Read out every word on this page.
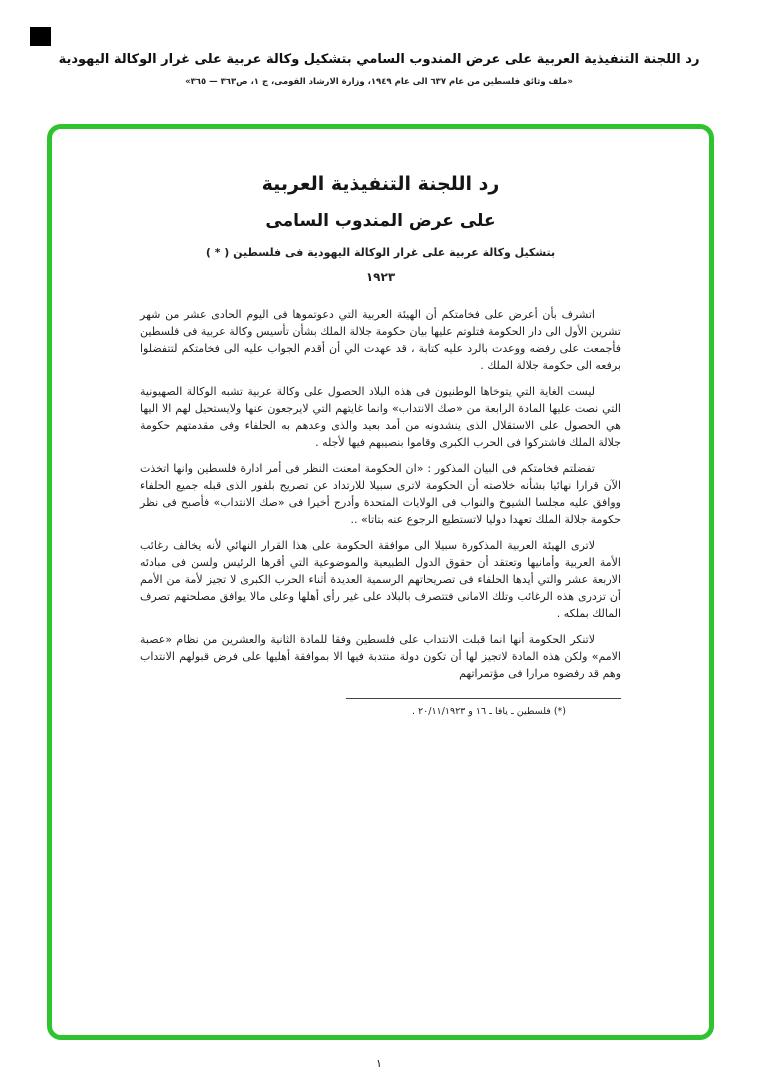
رد اللجنة التنفيذية العربية على عرض المندوب السامي بتشكيل وكالة عربية على غرار الوكالة اليهودية
«ملف وثائق فلسطين من عام ٦٣٧ الى عام ١٩٤٩، وزارة الارشاد القومى، ج ١، ص٣٦٣ — ٣٦٥»
رد اللجنة التنفيذية العربية
على عرض المندوب السامى
بتشكيل وكالة عربية على غرار الوكالة اليهودية فى فلسطين ( * )
١٩٢٣

اتشرف بأن أعرض على فخامتكم أن الهيئة العربية التي دعوتموها فى اليوم الحادى عشر من شهر تشرين الأول الى دار الحكومة فتلوتم عليها بيان حكومة جلالة الملك بشأن تأسيس وكالة عربية فى فلسطين فأجمعت على رفضه ووعدت بالرد عليه كتابة ، قد عهدت الي أن أقدم الجواب عليه الى فخامتكم لتتفضلوا برفعه الى حكومة جلالة الملك .

ليست الغاية التي يتوخاها الوطنيون فى هذه البلاد الحصول على وكالة عربية تشبه الوكالة الصهيونية التي نصت عليها المادة الرابعة من «صك الانتداب» وانما غايتهم التي لايرجعون عنها ولايستحيل لهم الا اليها هي الحصول على الاستقلال الذى ينشدونه من أمد بعيد والذى وعدهم به الحلفاء وفى مقدمتهم حكومة جلالة الملك فاشتركوا فى الحرب الكبرى وقاموا بنصيبهم فيها لأجله .

تفضلتم فخامتكم فى البيان المذكور : «ان الحكومة امعنت النظر فى أمر ادارة فلسطين وانها اتخذت الآن قرارا نهائيا بشأنه خلاصته أن الحكومة لاترى سبيلا للارتداد عن تصريح بلفور الذى قبله جميع الحلفاء ووافق عليه مجلسا الشيوخ والنواب فى الولايات المتحدة وأدرج أخيرا فى «صك الانتداب» فأصبح فى نظر حكومة جلالة الملك تعهدا دوليا لاتستطيع الرجوع عنه بتاتا» ..

لاترى الهيئة العربية المذكورة سبيلا الى موافقة الحكومة على هذا القرار النهائي لأنه يخالف رغائب الأمة العربية وأمانيها وتعتقد أن حقوق الدول الطبيعية والموضوعية التي أقرها الرئيس ولسن فى مبادئه الاربعة عشر والتي أيدها الحلفاء فى تصريحاتهم الرسمية العديدة أثناء الحرب الكبرى لا تجيز لأمة من الأمم أن تزدرى هذه الرغائب وتلك الامانى فتتصرف بالبلاد على غير رأى أهلها وعلى مالا يوافق مصلحتهم تصرف المالك بملكه .

لاتنكر الحكومة أنها انما قبلت الانتداب على فلسطين وفقا للمادة الثانية والعشرين من نظام «عصبة الامم» ولكن هذه المادة لاتجيز لها أن تكون دولة منتدبة فيها الا بموافقة أهليها على فرض قبولهم الانتداب وهم قد رفضوه مرارا فى مؤتمراتهم

(*) فلسطين ـ يافا ـ ١٦ و ٢٠/١١/١٩٢٣ .
١
